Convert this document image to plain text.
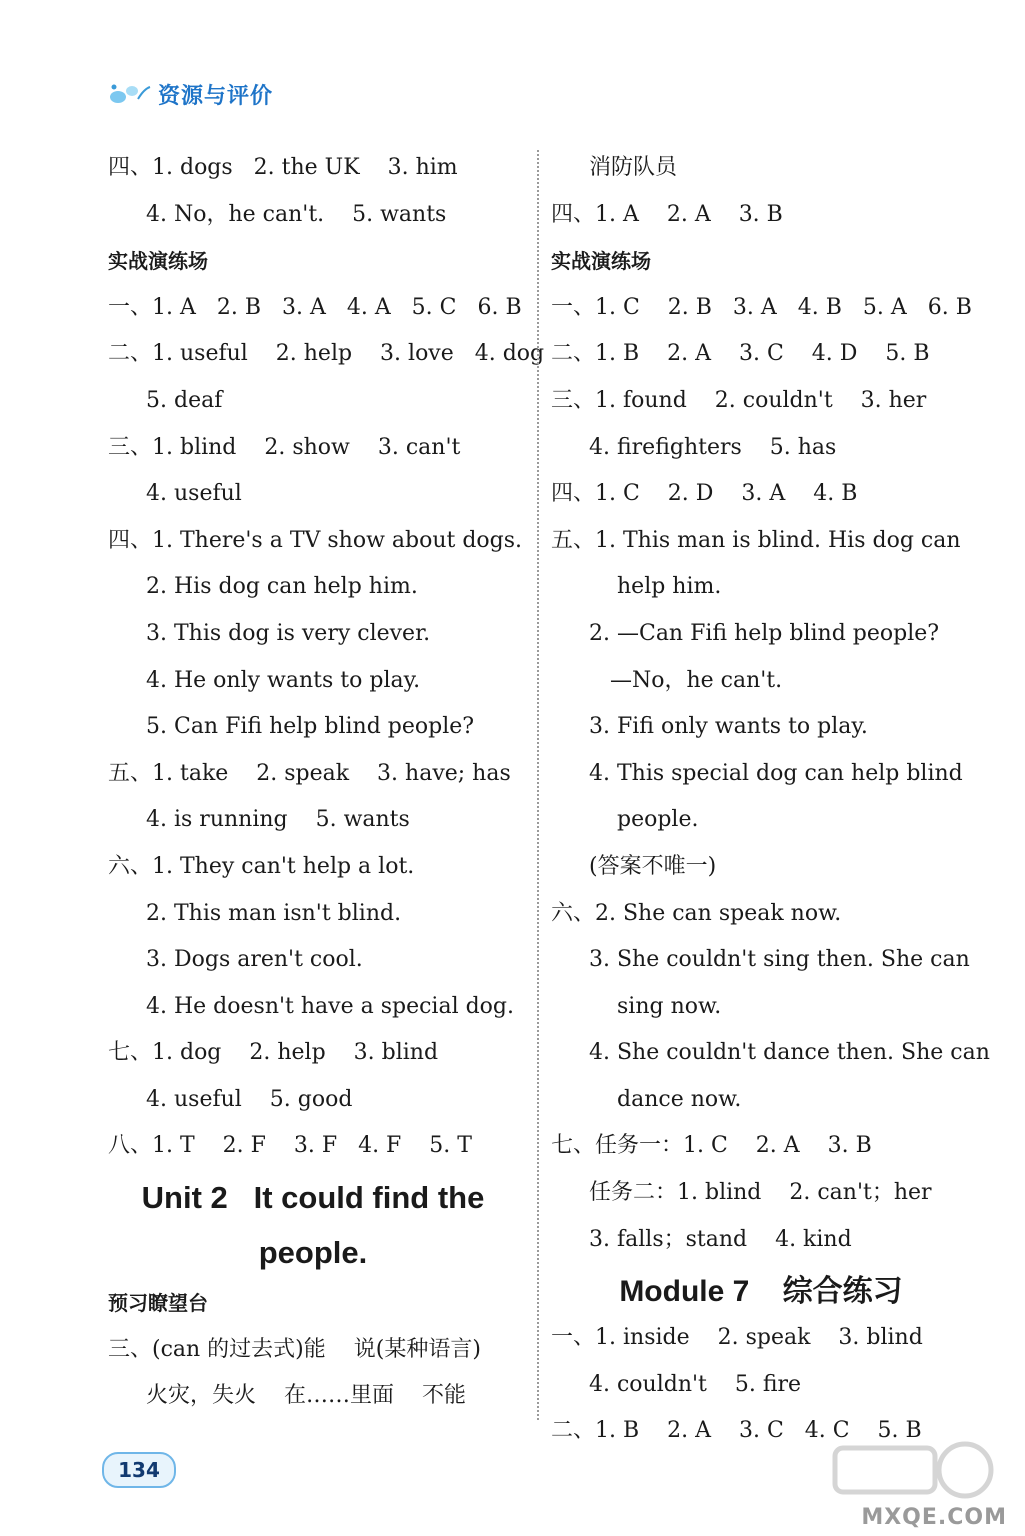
资源与评价
四、1. dogs   2. the UK    3. him
4. No，he can't.    5. wants
实战演练场
一、1. A   2. B   3. A   4. A   5. C   6. B
二、1. useful    2. help    3. love   4. dog
5. deaf
三、1. blind    2. show    3. can't
4. useful
四、1. There's a TV show about dogs.
2. His dog can help him.
3. This dog is very clever.
4. He only wants to play.
5. Can Fifi help blind people?
五、1. take    2. speak    3. have; has
4. is running    5. wants
六、1. They can't help a lot.
2. This man isn't blind.
3. Dogs aren't cool.
4. He doesn't have a special dog.
七、1. dog    2. help    3. blind
4. useful    5. good
八、1. T    2. F    3. F   4. F    5. T
Unit 2   It could find the
people.
预习瞭望台
三、(can 的过去式)能    说(某种语言)
火灾，失火    在……里面    不能
消防队员
四、1. A    2. A    3. B
实战演练场
一、1. C    2. B   3. A   4. B   5. A   6. B
二、1. B    2. A    3. C    4. D    5. B
三、1. found    2. couldn't    3. her
4. firefighters    5. has
四、1. C    2. D    3. A    4. B
五、1. This man is blind. His dog can
help him.
2. —Can Fifi help blind people?
—No，he can't.
3. Fifi only wants to play.
4. This special dog can help blind
people.
(答案不唯一)
六、2. She can speak now.
3. She couldn't sing then. She can
sing now.
4. She couldn't dance then. She can
dance now.
七、任务一：1. C    2. A    3. B
任务二：1. blind    2. can't；her
3. falls；stand    4. kind
Module 7    综合练习
一、1. inside    2. speak    3. blind
4. couldn't    5. fire
二、1. B    2. A    3. C   4. C    5. B
134
MXQE.COM
